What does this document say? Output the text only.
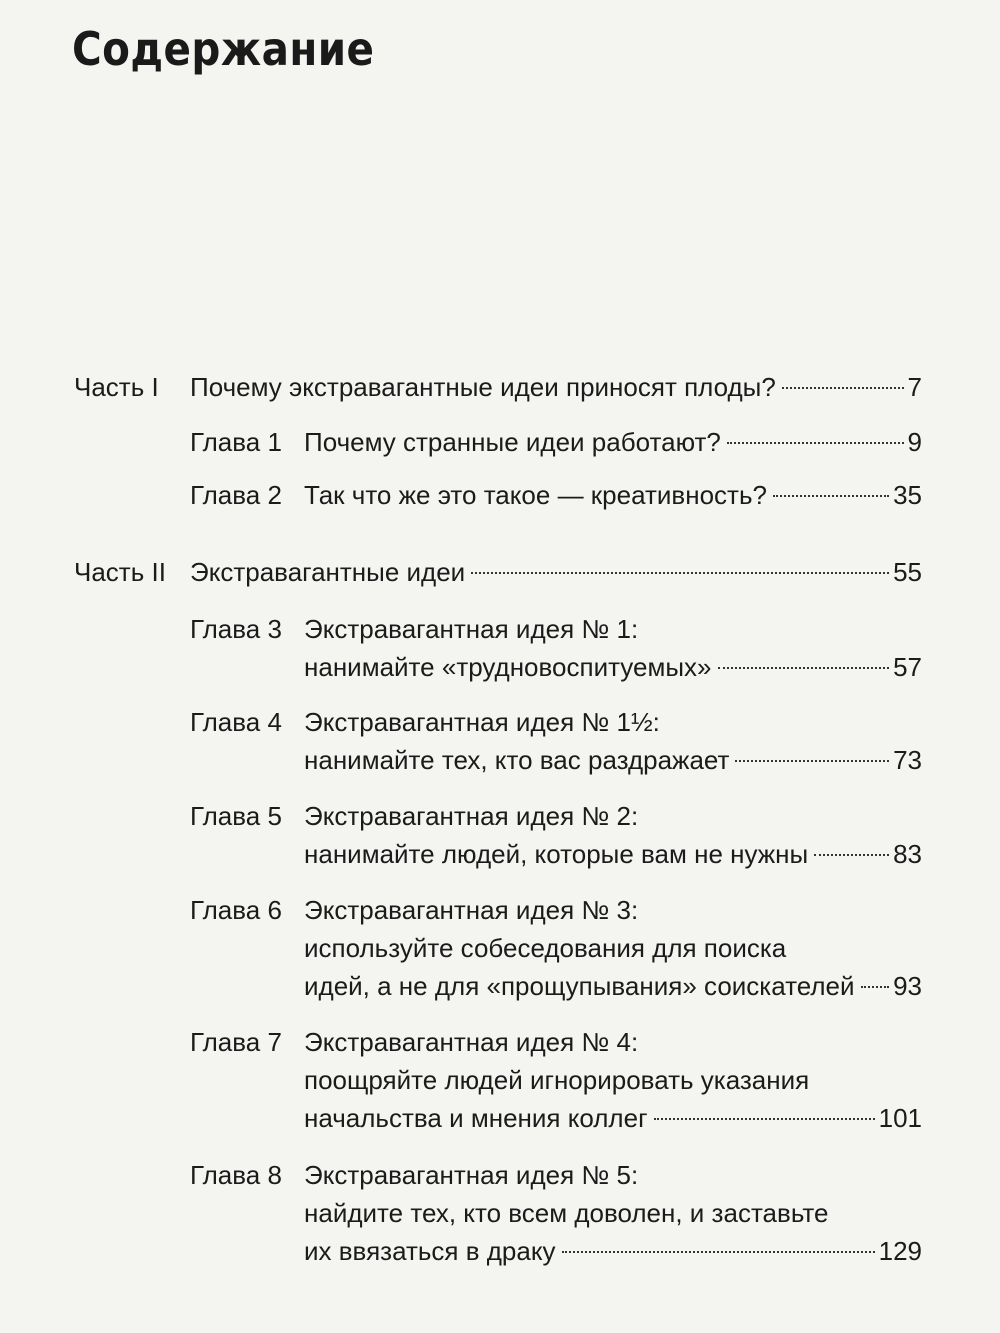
Содержание
Часть I Почему экстравагантные идеи приносят плоды?	7
Глава 1 Почему странные идеи работают?	9
Глава 2 Так что же это такое — креативность?	35
Часть II Экстравагантные идеи	55
Глава 3 Экстравагантная идея № 1:
нанимайте «трудновоспитуемых»	57
Глава 4 Экстравагантная идея № 1½:
нанимайте тех, кто вас раздражает	73
Глава 5 Экстравагантная идея № 2:
нанимайте людей, которые вам не нужны	83
Глава 6 Экстравагантная идея № 3:
используйте собеседования для поиска
идей, а не для «прощупывания» соискателей 93
Глава 7 Экстравагантная идея № 4:
поощряйте людей игнорировать указания
начальства и мнения коллег	101
Глава 8 Экстравагантная идея № 5:
найдите тех, кто всем доволен, и заставьте
их ввязаться в драку	129
